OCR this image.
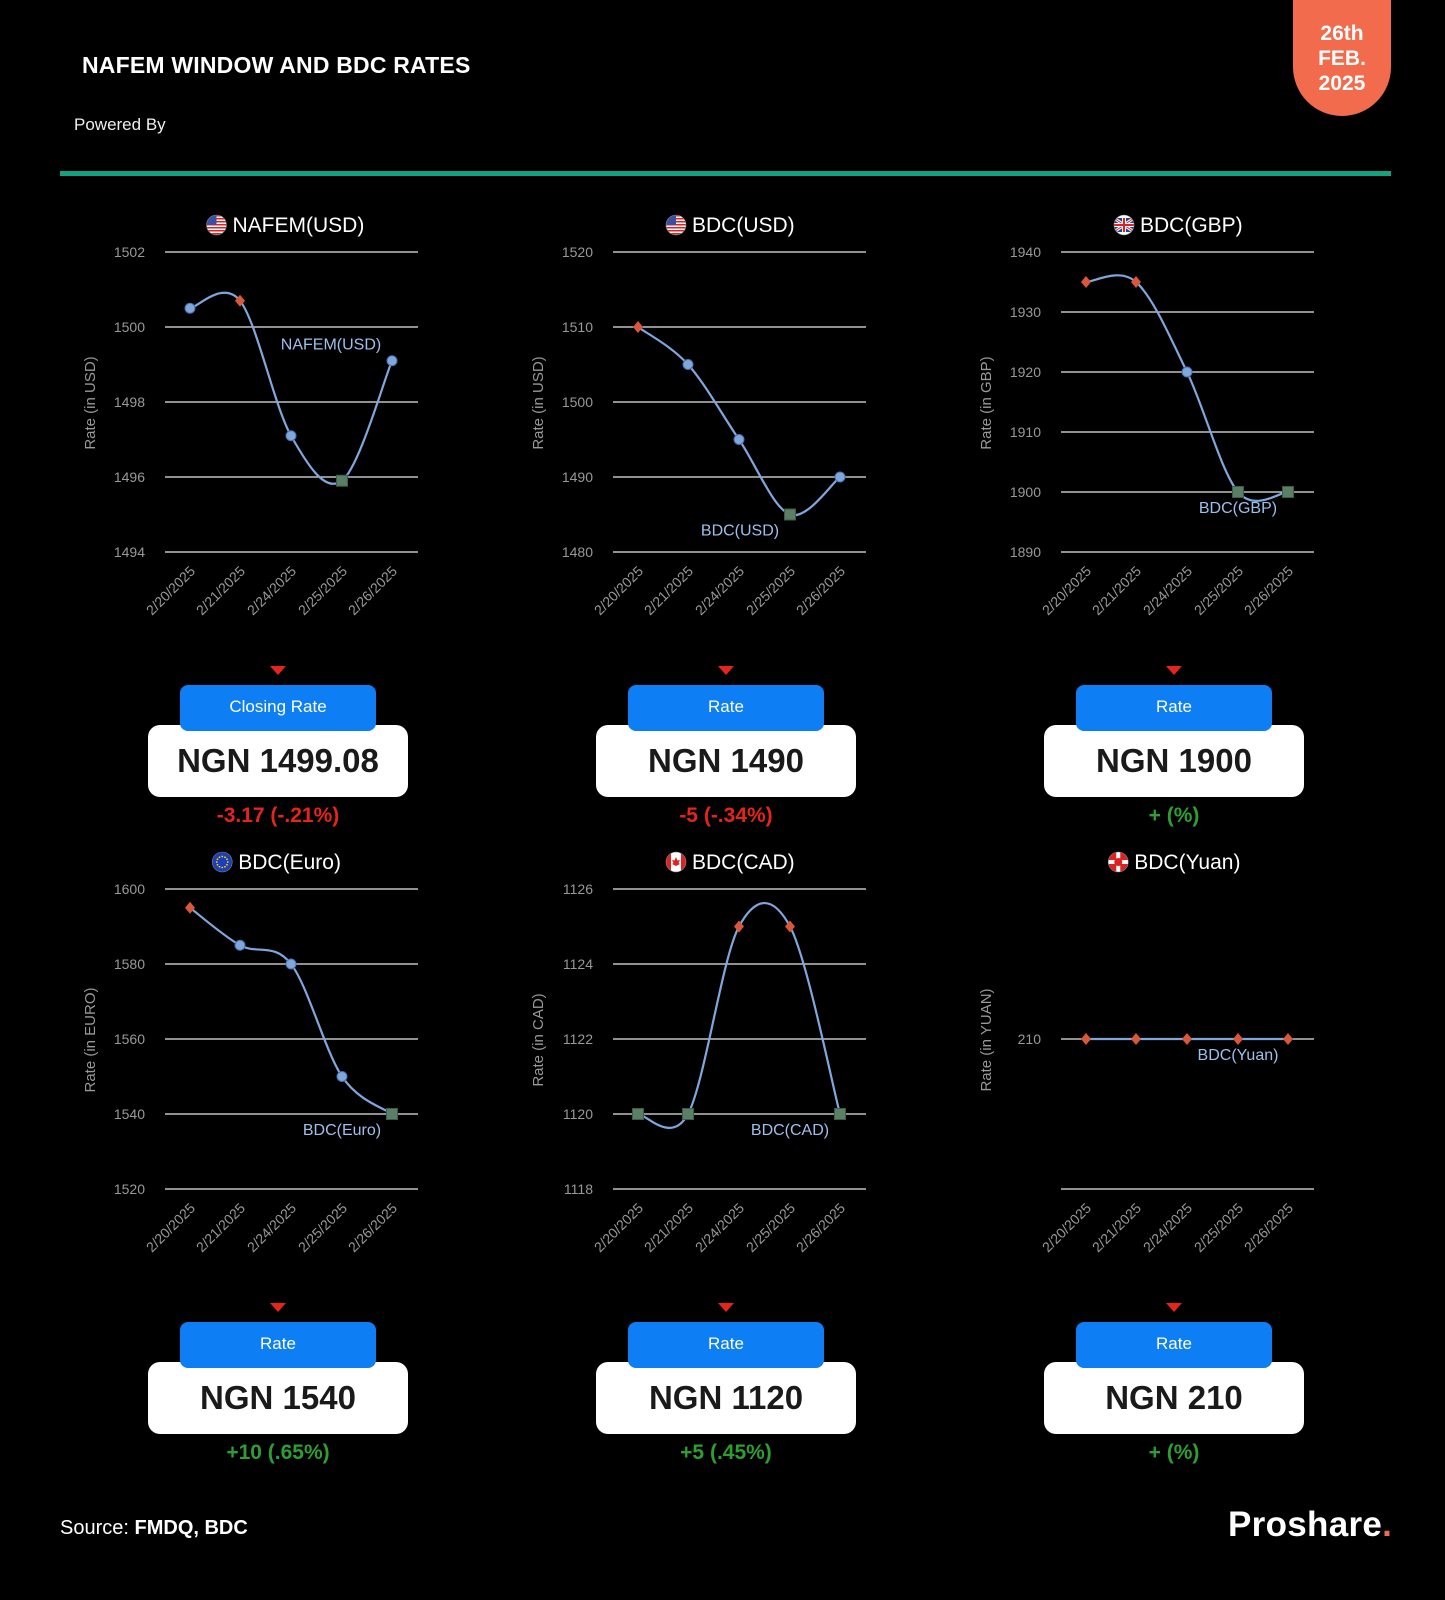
NAFEM WINDOW AND BDC RATES
Powered By
26th
FEB.
2025
NAFEM(USD)
1502
1500
1498
1496
1494
Rate (in USD)
2/20/2025
2/21/2025
2/24/2025
2/25/2025
2/26/2025
NAFEM(USD)
BDC(USD)
1520
1510
1500
1490
1480
Rate (in USD)
2/20/2025
2/21/2025
2/24/2025
2/25/2025
2/26/2025
BDC(USD)
BDC(GBP)
1940
1930
1920
1910
1900
1890
Rate (in GBP)
2/20/2025
2/21/2025
2/24/2025
2/25/2025
2/26/2025
BDC(GBP)
BDC(Euro)
1600
1580
1560
1540
1520
Rate (in EURO)
2/20/2025
2/21/2025
2/24/2025
2/25/2025
2/26/2025
BDC(Euro)
BDC(CAD)
1126
1124
1122
1120
1118
Rate (in CAD)
2/20/2025
2/21/2025
2/24/2025
2/25/2025
2/26/2025
BDC(CAD)
BDC(Yuan)
210
Rate (in YUAN)
2/20/2025
2/21/2025
2/24/2025
2/25/2025
2/26/2025
BDC(Yuan)
Closing Rate
NGN 1499.08
-3.17 (-.21%)
Rate
NGN 1490
-5 (-.34%)
Rate
NGN 1900
+ (%)
Rate
NGN 1540
+10 (.65%)
Rate
NGN 1120
+5 (.45%)
Rate
NGN 210
+ (%)
Source: FMDQ, BDC	Proshare.
